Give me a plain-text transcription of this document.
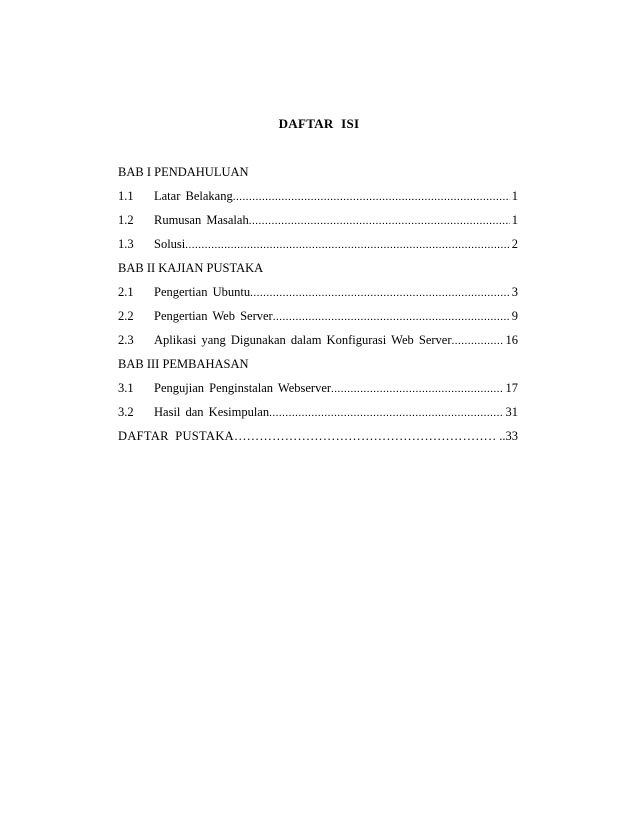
DAFTAR ISI
BAB I PENDAHULUAN
1.1	Latar Belakang .....	1
1.2	Rumusan Masalah .....	1
1.3	Solusi .....	2
BAB II KAJIAN PUSTAKA
2.1	Pengertian Ubuntu .....	3
2.2	Pengertian Web Server .....	9
2.3	Aplikasi yang Digunakan dalam Konfigurasi Web Server .....	16
BAB III PEMBAHASAN
3.1	Pengujian Penginstalan Webserver .....	17
3.2	Hasil dan Kesimpulan .....	31
DAFTAR PUSTAKA ………………………………………………………………………………………………………	..33
